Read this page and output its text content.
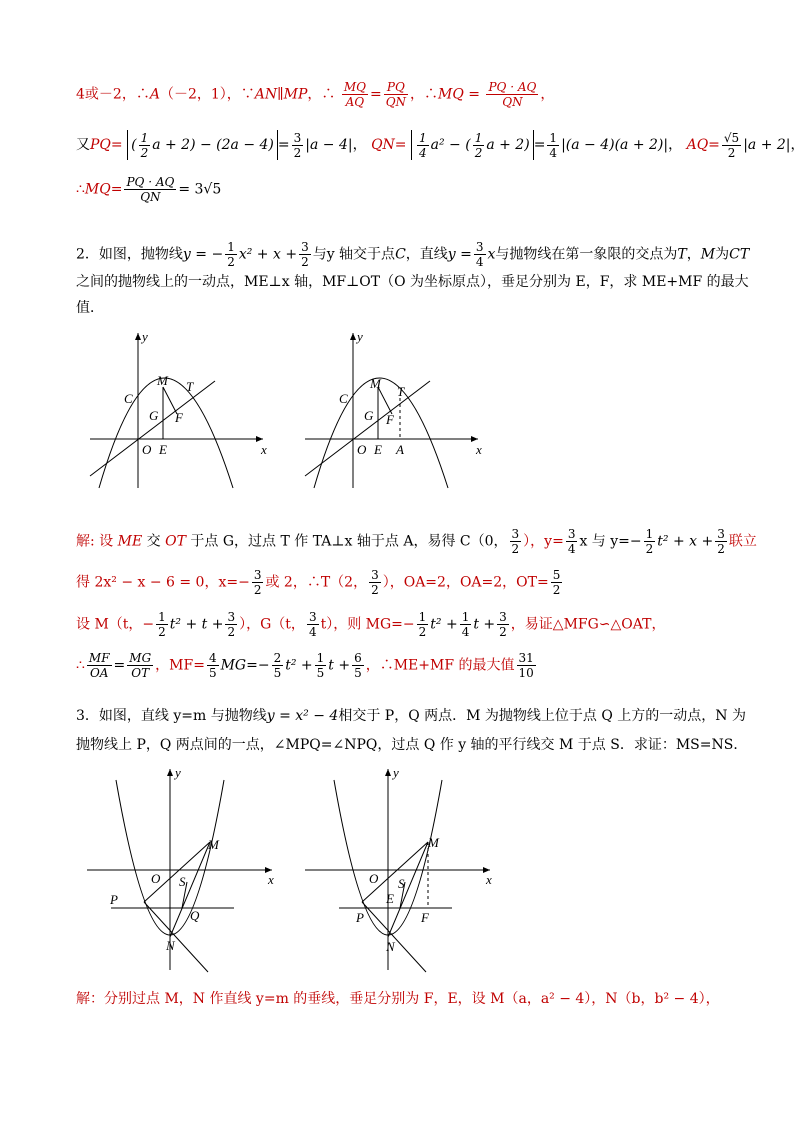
4或－2，∴A（－2，1），∵AN∥MP，∴ $\frac{MQ}{AQ} = \frac{PQ}{QN}$ ，∴MQ = $\frac{PQ \cdot AQ}{QN}$ ，
又PQ= ( $\frac{1}{2}$ $a + 2) - (2a - 4) = \frac{3}{2} |a - 4|$， $QN= \frac{1}{4} a^2$ − ( $\frac{1}{2}$ $a + 2) = \frac{1}{4} |(a - 4)(a + 2)|$， $AQ= \frac{√5}{2} |a + 2|$，
∴MQ= $\frac{PQ \cdot AQ}{QN} = 3√5$
2．如图，抛物线y = − $\frac{1}{2} x^2 + x + \frac{3}{2}$ 与y 轴交于点C，直线$y = \frac{3}{4}$ x与抛物线在第一象限的交点为T，M为CT
之间的抛物线上的一动点，ME⊥x 轴，MF⊥OT（O 为坐标原点），垂足分别为 E，F，求 ME+MF 的最大
值．
y
x
C
M T
G F
O E
y
x
C
M
T
G F
O E A
解: 设 ME 交 OT 于点 G，过点 T 作 TA⊥x 轴于点 A，易得 C（0， $\frac{3}{2}$ ），$y= \frac{3}{4}$ x 与 $y=- \frac{1}{2} t^2 + x + \frac{3}{2}$ 联立
得 2x² − x − 6 = 0，$x=- \frac{3}{2}$ 或 2，∴T（2， $\frac{3}{2}$ ），OA=2，OA=2，$OT= \frac{5}{2}$
设 M（t，− $\frac{1}{2} t^2 + t + \frac{3}{2}$ ），G（t， $\frac{3}{4} t$），则 $MG=- \frac{1}{2} t^2 + \frac{1}{4}$ $t + \frac{3}{2}$ ，易证△MFG∽△OAT，
∴ $\frac{MF}{OA} = \frac{MG}{OT}$ ，$MF= \frac{4}{5} MG=- \frac{2}{5} t^2 + \frac{1}{5}$ $t + \frac{6}{5}$ ，∴ME+MF 的最大值 $\frac{31}{10}$
3．如图，直线 y=m 与抛物线y = x² − 4相交于 P，Q 两点．M 为抛物线上位于点 Q 上方的一动点，N 为
抛物线上 P，Q 两点间的一点，∠MPQ=∠NPQ，过点 Q 作 y 轴的平行线交 M 于点 S．求证：MS=NS．
y
x
M
O S
P
Q
N
y
x
M
O S
E
P	F
N
解：分别过点 M，N 作直线 y=m 的垂线，垂足分别为 F，E，设 M（a，a² − 4），N（b，b² − 4），
